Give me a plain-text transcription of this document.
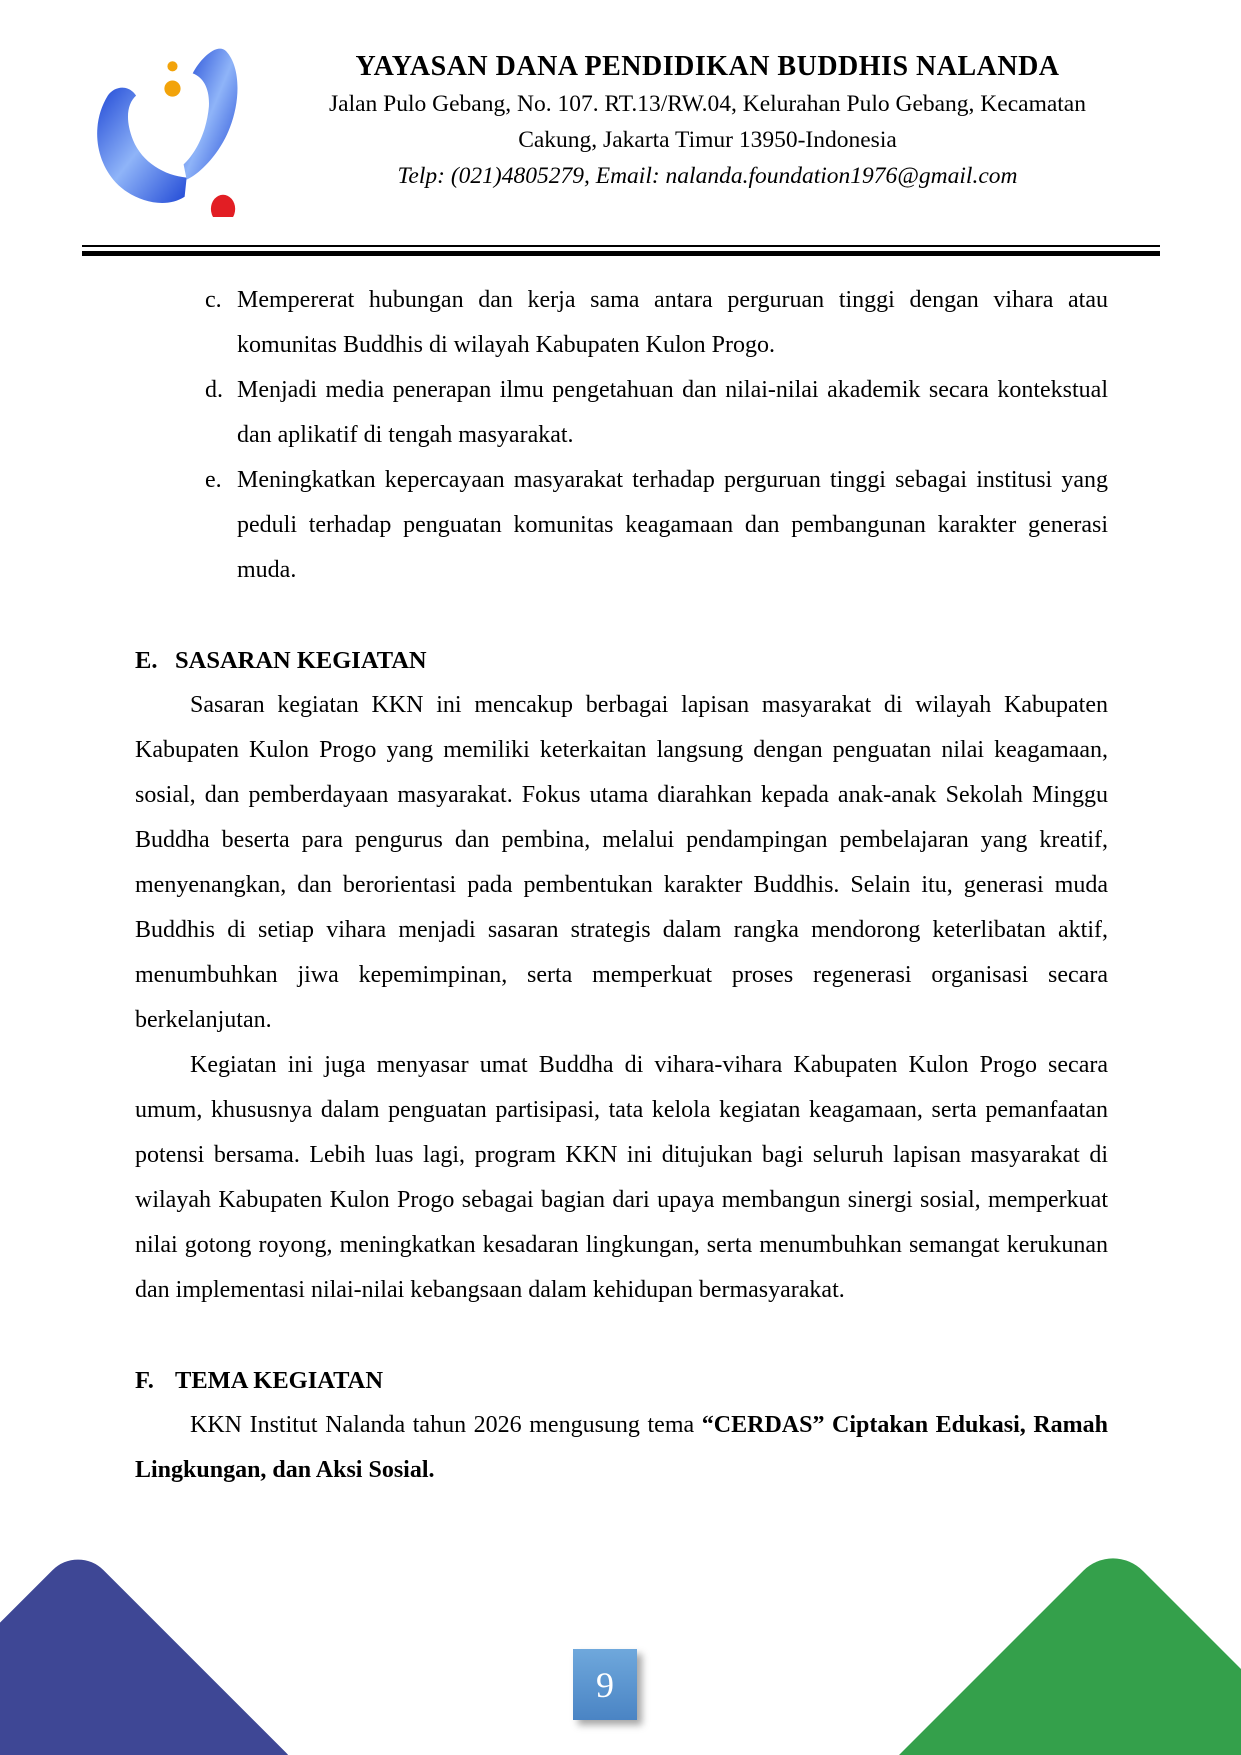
YAYASAN DANA PENDIDIKAN BUDDHIS NALANDA
Jalan Pulo Gebang, No. 107. RT.13/RW.04, Kelurahan Pulo Gebang, Kecamatan
Cakung, Jakarta Timur 13950-Indonesia
Telp: (021)4805279, Email: nalanda.foundation1976@gmail.com
c. Mempererat hubungan dan kerja sama antara perguruan tinggi dengan vihara atau komunitas Buddhis di wilayah Kabupaten Kulon Progo.
d. Menjadi media penerapan ilmu pengetahuan dan nilai-nilai akademik secara kontekstual dan aplikatif di tengah masyarakat.
e. Meningkatkan kepercayaan masyarakat terhadap perguruan tinggi sebagai institusi yang peduli terhadap penguatan komunitas keagamaan dan pembangunan karakter generasi muda.
E. SASARAN KEGIATAN

Sasaran kegiatan KKN ini mencakup berbagai lapisan masyarakat di wilayah Kabupaten Kabupaten Kulon Progo yang memiliki keterkaitan langsung dengan penguatan nilai keagamaan, sosial, dan pemberdayaan masyarakat. Fokus utama diarahkan kepada anak-anak Sekolah Minggu Buddha beserta para pengurus dan pembina, melalui pendampingan pembelajaran yang kreatif, menyenangkan, dan berorientasi pada pembentukan karakter Buddhis. Selain itu, generasi muda Buddhis di setiap vihara menjadi sasaran strategis dalam rangka mendorong keterlibatan aktif, menumbuhkan jiwa kepemimpinan, serta memperkuat proses regenerasi organisasi secara berkelanjutan.

Kegiatan ini juga menyasar umat Buddha di vihara-vihara Kabupaten Kulon Progo secara umum, khususnya dalam penguatan partisipasi, tata kelola kegiatan keagamaan, serta pemanfaatan potensi bersama. Lebih luas lagi, program KKN ini ditujukan bagi seluruh lapisan masyarakat di wilayah Kabupaten Kulon Progo sebagai bagian dari upaya membangun sinergi sosial, memperkuat nilai gotong royong, meningkatkan kesadaran lingkungan, serta menumbuhkan semangat kerukunan dan implementasi nilai-nilai kebangsaan dalam kehidupan bermasyarakat.

F. TEMA KEGIATAN

KKN Institut Nalanda tahun 2026 mengusung tema “CERDAS” Ciptakan Edukasi, Ramah Lingkungan, dan Aksi Sosial.

9
